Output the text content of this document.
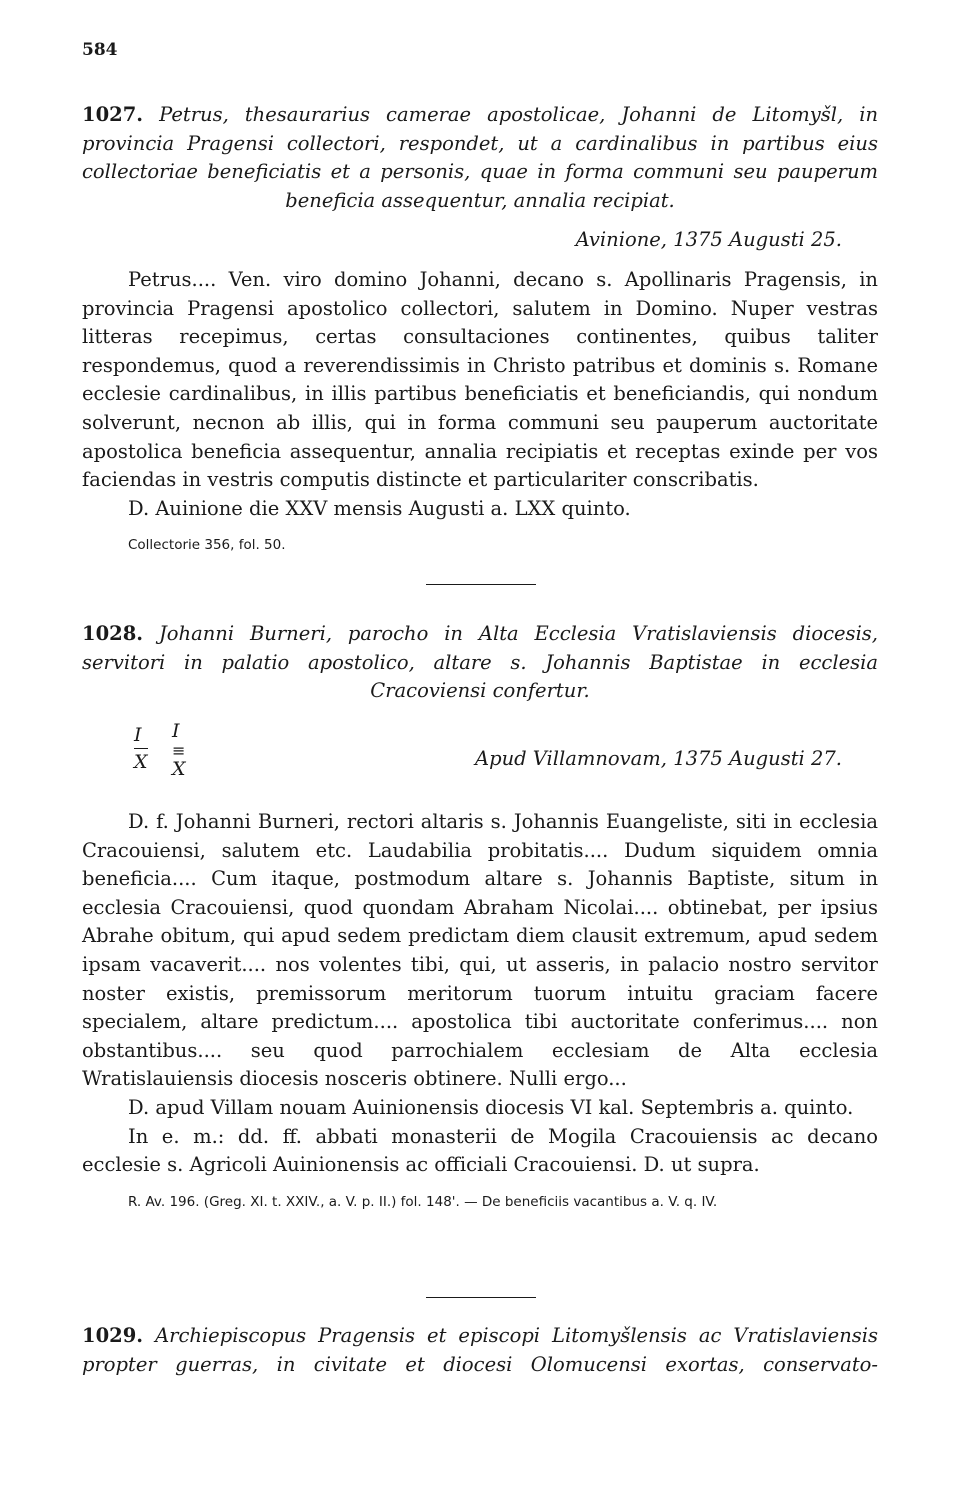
584
1027. Petrus, thesaurarius camerae apostolicae, Johanni de Litomyšl, in provincia Pragensi collectori, respondet, ut a cardinalibus in partibus eius collectoriae beneficiatis et a personis, quae in forma communi seu pauperum beneficia assequentur, annalia recipiat.
Avinione, 1375 Augusti 25.

Petrus.... Ven. viro domino Johanni, decano s. Apollinaris Pragensis, in provincia Pragensi apostolico collectori, salutem in Domino. Nuper vestras litteras recepimus, certas consultaciones continentes, quibus taliter respondemus, quod a reverendissimis in Christo patribus et dominis s. Romane ecclesie cardinalibus, in illis partibus beneficiatis et beneficiandis, qui nondum solverunt, necnon ab illis, qui in forma communi seu pauperum auctoritate apostolica beneficia assequentur, annalia recipiatis et receptas exinde per vos faciendas in vestris computis distincte et particulariter conscribatis.

D. Auinione die XXV mensis Augusti a. LXX quinto.

Collectorie 356, fol. 50.
1028. Johanni Burneri, parocho in Alta Ecclesia Vratislaviensis diocesis, servitori in palatio apostolico, altare s. Johannis Baptistae in ecclesia Cracoviensi confertur.
I
X
I
≡
X	Apud Villamnovam, 1375 Augusti 27.

D. f. Johanni Burneri, rectori altaris s. Johannis Euangeliste, siti in ecclesia Cracouiensi, salutem etc. Laudabilia probitatis.... Dudum siquidem omnia beneficia.... Cum itaque, postmodum altare s. Johannis Baptiste, situm in ecclesia Cracouiensi, quod quondam Abraham Nicolai.... obtinebat, per ipsius Abrahe obitum, qui apud sedem predictam diem clausit extremum, apud sedem ipsam vacaverit.... nos volentes tibi, qui, ut asseris, in palacio nostro servitor noster existis, premissorum meritorum tuorum intuitu graciam facere specialem, altare predictum.... apostolica tibi auctoritate conferimus.... non obstantibus.... seu quod parrochialem ecclesiam de Alta ecclesia Wratislauiensis diocesis nosceris obtinere. Nulli ergo...

D. apud Villam nouam Auinionensis diocesis VI kal. Septembris a. quinto.

In e. m.: dd. ff. abbati monasterii de Mogila Cracouiensis ac decano ecclesie s. Agricoli Auinionensis ac officiali Cracouiensi. D. ut supra.

R. Av. 196. (Greg. XI. t. XXIV., a. V. p. II.) fol. 148'. — De beneficiis vacantibus a. V. q. IV.
1029. Archiepiscopus Pragensis et episcopi Litomyšlensis ac Vratislaviensis propter guerras, in civitate et diocesi Olomucensi exortas, conservato-
